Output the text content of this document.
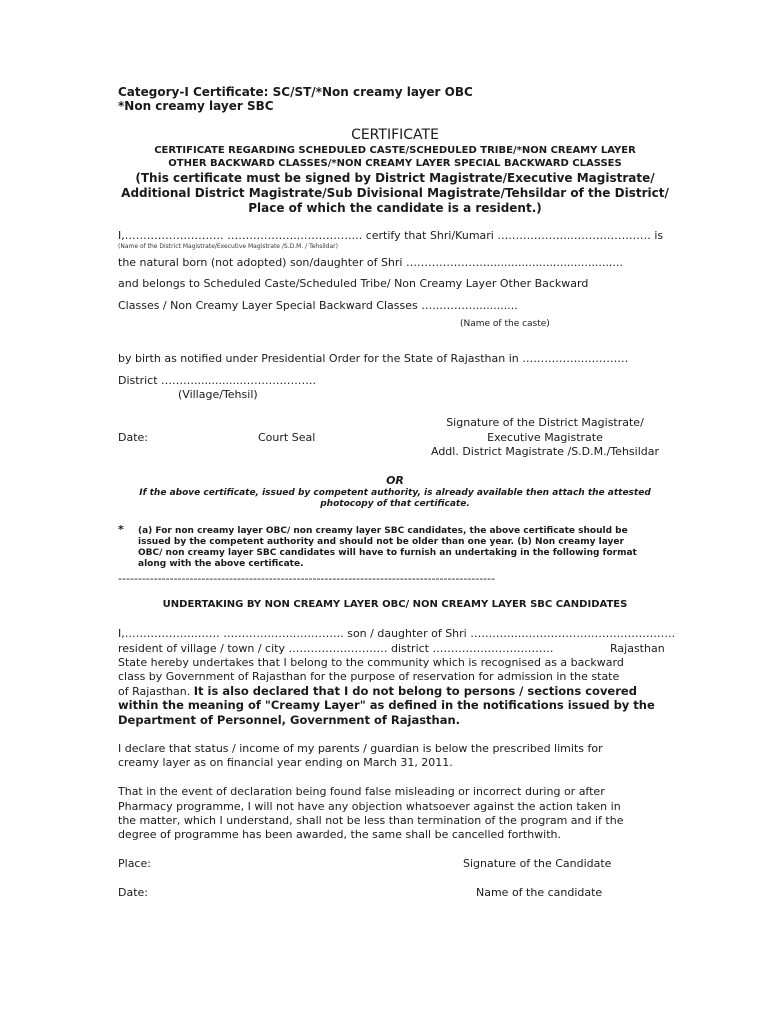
Category-I Certificate: SC/ST/*Non creamy layer OBC
*Non creamy layer SBC
CERTIFICATE
CERTIFICATE REGARDING SCHEDULED CASTE/SCHEDULED TRIBE/*NON CREAMY LAYER
OTHER BACKWARD CLASSES/*NON CREAMY LAYER SPECIAL BACKWARD CLASSES
(This certificate must be signed by District Magistrate/Executive Magistrate/
Additional District Magistrate/Sub Divisional Magistrate/Tehsildar of the District/
Place of which the candidate is a resident.)
I,……………………… ………………..…………….. certify that Shri/Kumari ….……………..………………… is
(Name of the District Magistrate/Executive Magistrate /S.D.M. / Tehsildar)
the natural born (not adopted) son/daughter of Shri ……………….….......................................
and belongs to Scheduled Caste/Scheduled Tribe/ Non Creamy Layer Other Backward
Classes / Non Creamy Layer Special Backward Classes …..……….............
(Name of the caste)
by birth as notified under Presidential Order for the State of Rajasthan in ……………..…………
District ………..............…….………….
(Village/Tehsil)
Date:	Court Seal
Signature of the District Magistrate/
Executive Magistrate
Addl. District Magistrate /S.D.M./Tehsildar
OR
If the above certificate, issued by competent authority, is already available then attach the attested
photocopy of that certificate.
* (a) For non creamy layer OBC/ non creamy layer SBC candidates, the above certificate should be
issued by the competent authority and should not be older than one year. (b) Non creamy layer
OBC/ non creamy layer SBC candidates will have to furnish an undertaking in the following format
along with the above certificate.
-----------------------------------------------------------------------------------------------
UNDERTAKING BY NON CREAMY LAYER OBC/ NON CREAMY LAYER SBC CANDIDATES
I,………………..…… ………………..…………. son / daughter of Shri …………..……………………………………
resident of village / town / city ……………………… district ……………………………	Rajasthan
State hereby undertakes that I belong to the community which is recognised as a backward
class by Government of Rajasthan for the purpose of reservation for admission in the state
of Rajasthan. It is also declared that I do not belong to persons / sections covered
within the meaning of "Creamy Layer" as defined in the notifications issued by the
Department of Personnel, Government of Rajasthan.
I declare that status / income of my parents / guardian is below the prescribed limits for
creamy layer as on financial year ending on March 31, 2011.
That in the event of declaration being found false misleading or incorrect during or after
Pharmacy programme, I will not have any objection whatsoever against the action taken in
the matter, which I understand, shall not be less than termination of the program and if the
degree of programme has been awarded, the same shall be cancelled forthwith.
Place:	Signature of the Candidate
Date:	Name of the candidate
